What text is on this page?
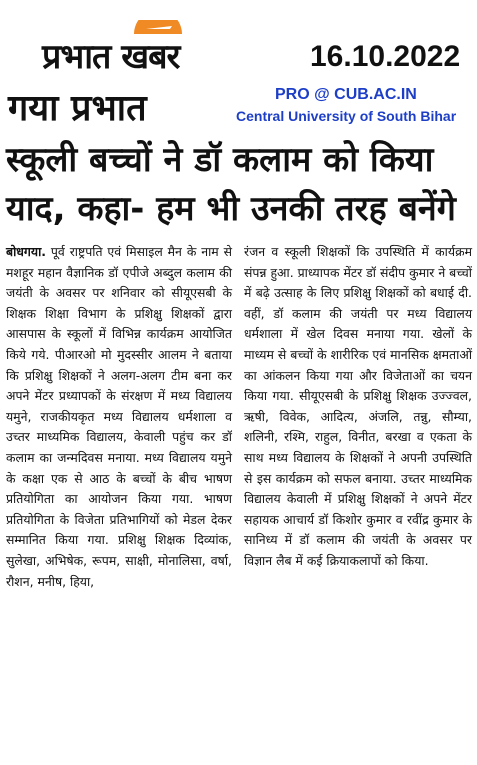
प्रभात खबर	16.10.2022
गया प्रभात	PRO @ CUB.AC.IN
Central University of South Bihar
स्कूली बच्चों ने डॉ कलाम को किया
याद, कहा- हम भी उनकी तरह बनेंगे

बोधगया. पूर्व राष्ट्रपति एवं मिसाइल मैन के नाम से मशहूर महान वैज्ञानिक डॉ एपीजे अब्दुल कलाम की जयंती के अवसर पर शनिवार को सीयूएसबी के शिक्षक शिक्षा विभाग के प्रशिक्षु शिक्षकों द्वारा आसपास के स्कूलों में विभिन्न कार्यक्रम आयोजित किये गये. पीआरओ मो मुदस्सीर आलम ने बताया कि प्रशिक्षु शिक्षकों ने अलग-अलग टीम बना कर अपने मेंटर प्रध्यापकों के संरक्षण में मध्य विद्यालय यमुने, राजकीयकृत मध्य विद्यालय धर्मशाला व उच्तर माध्यमिक विद्यालय, केवाली पहुंच कर डॉ कलाम का जन्मदिवस मनाया. मध्य विद्यालय यमुने के कक्षा एक से आठ के बच्चों के बीच भाषण प्रतियोगिता का आयोजन किया गया. भाषण प्रतियोगिता के विजेता प्रतिभागियों को मेडल देकर सम्मानित किया गया. प्रशिक्षु शिक्षक दिव्यांक, सुलेखा, अभिषेक, रूपम, साक्षी, मोनालिसा, वर्षा, रौशन, मनीष, हिया,

रंजन व स्कूली शिक्षकों कि उपस्थिति में कार्यक्रम संपन्न हुआ. प्राध्यापक मेंटर डॉ संदीप कुमार ने बच्चों में बढ़े उत्साह के लिए प्रशिक्षु शिक्षकों को बधाई दी. वहीं, डॉ कलाम की जयंती पर मध्य विद्यालय धर्मशाला में खेल दिवस मनाया गया. खेलों के माध्यम से बच्चों के शारीरिक एवं मानसिक क्षमताओं का आंकलन किया गया और विजेताओं का चयन किया गया. सीयूएसबी के प्रशिक्षु शिक्षक उज्ज्वल, ऋषी, विवेक, आदित्य, अंजलि, तन्नु, सौम्या, शलिनी, रश्मि, राहुल, विनीत, बरखा व एकता के साथ मध्य विद्यालय के शिक्षकों ने अपनी उपस्थिति से इस कार्यक्रम को सफल बनाया. उच्तर माध्यमिक विद्यालय केवाली में प्रशिक्षु शिक्षकों ने अपने मेंटर सहायक आचार्य डॉ किशोर कुमार व रवींद्र कुमार के सानिध्य में डॉ कलाम की जयंती के अवसर पर विज्ञान लैब में कई क्रियाकलापों को किया.
